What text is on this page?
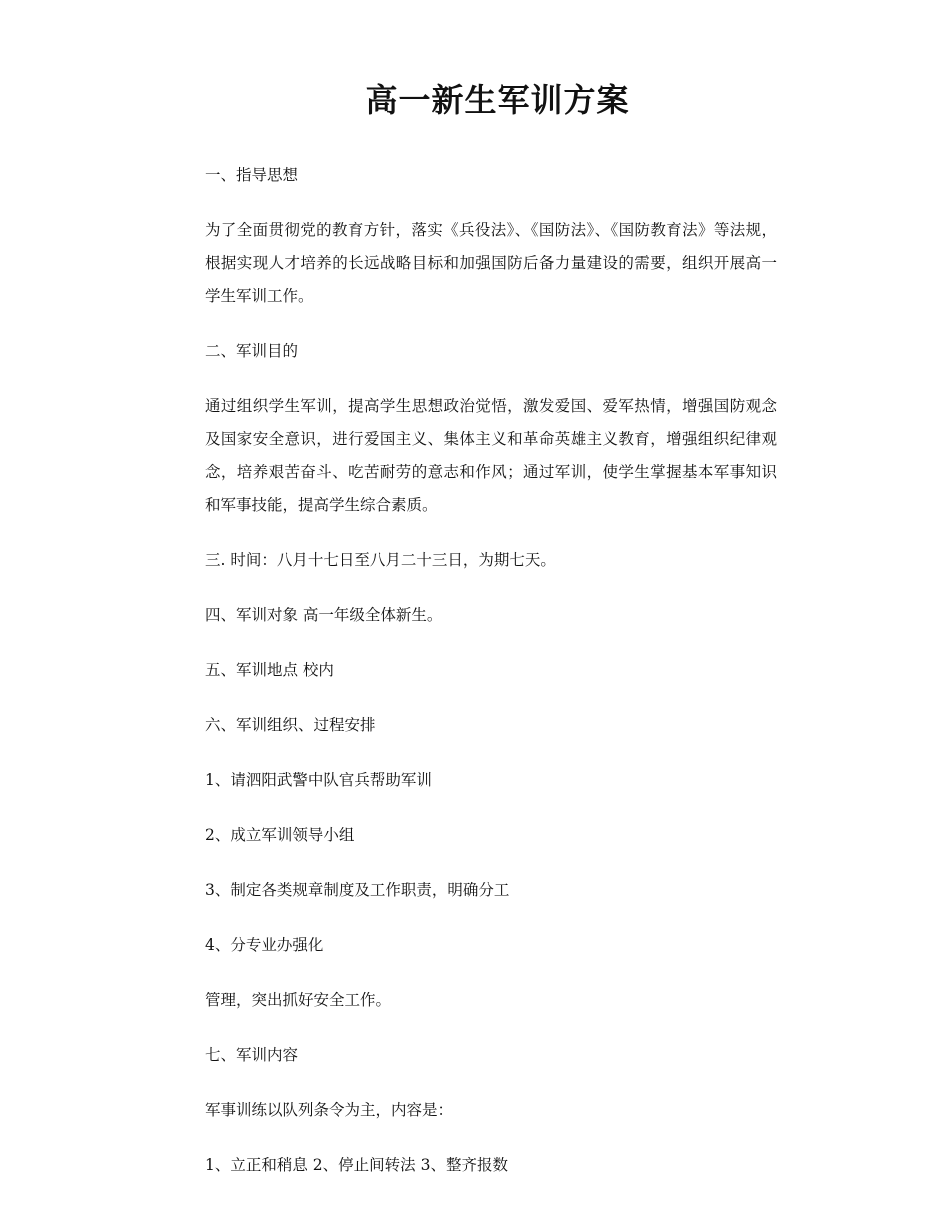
高一新生军训方案

一、指导思想

为了全面贯彻党的教育方针，落实《兵役法》、《国防法》、《国防教育法》等法规，根据实现人才培养的长远战略目标和加强国防后备力量建设的需要，组织开展高一学生军训工作。

二、军训目的

通过组织学生军训，提高学生思想政治觉悟，激发爱国、爱军热情，增强国防观念及国家安全意识，进行爱国主义、集体主义和革命英雄主义教育，增强组织纪律观念，培养艰苦奋斗、吃苦耐劳的意志和作风；通过军训，使学生掌握基本军事知识和军事技能，提高学生综合素质。

三. 时间：八月十七日至八月二十三日，为期七天。

四、军训对象 高一年级全体新生。

五、军训地点 校内

六、军训组织、过程安排

1、请泗阳武警中队官兵帮助军训

2、成立军训领导小组

3、制定各类规章制度及工作职责，明确分工

4、分专业办强化

管理，突出抓好安全工作。

七、军训内容

军事训练以队列条令为主，内容是：

1、立正和稍息 2、停止间转法 3、整齐报数
